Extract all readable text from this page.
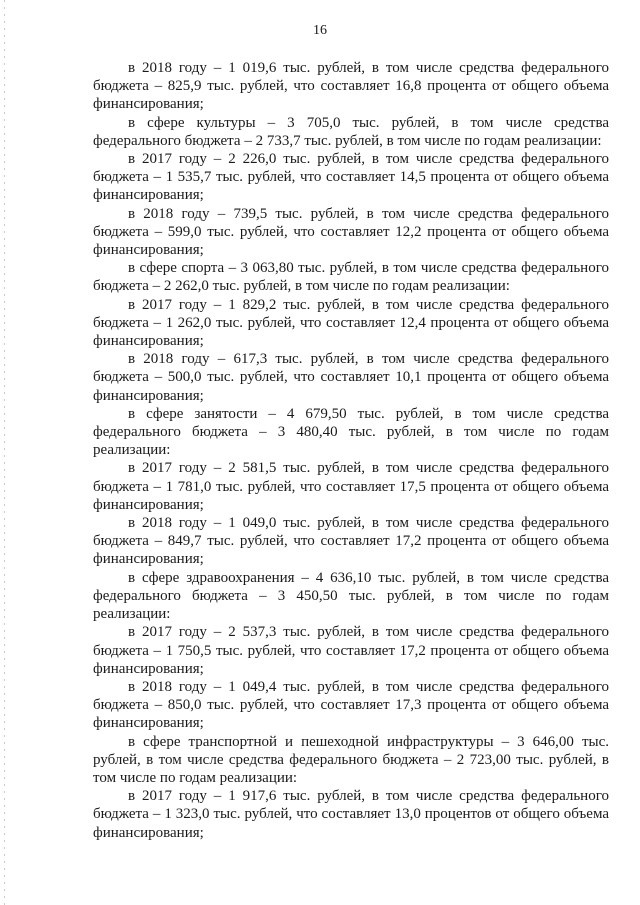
16

в 2018 году – 1 019,6 тыс. рублей, в том числе средства федерального бюджета – 825,9 тыс. рублей, что составляет 16,8 процента от общего объема финансирования;

в сфере культуры – 3 705,0 тыс. рублей, в том числе средства федерального бюджета – 2 733,7 тыс. рублей, в том числе по годам реализации:

в 2017 году – 2 226,0 тыс. рублей, в том числе средства федерального бюджета – 1 535,7 тыс. рублей, что составляет 14,5 процента от общего объема финансирования;

в 2018 году – 739,5 тыс. рублей, в том числе средства федерального бюджета – 599,0 тыс. рублей, что составляет 12,2 процента от общего объема финансирования;

в сфере спорта – 3 063,80 тыс. рублей, в том числе средства федерального бюджета – 2 262,0 тыс. рублей, в том числе по годам реализации:

в 2017 году – 1 829,2 тыс. рублей, в том числе средства федерального бюджета – 1 262,0 тыс. рублей, что составляет 12,4 процента от общего объема финансирования;

в 2018 году – 617,3 тыс. рублей, в том числе средства федерального бюджета – 500,0 тыс. рублей, что составляет 10,1 процента от общего объема финансирования;

в сфере занятости – 4 679,50 тыс. рублей, в том числе средства федерального бюджета – 3 480,40 тыс. рублей, в том числе по годам реализации:

в 2017 году – 2 581,5 тыс. рублей, в том числе средства федерального бюджета – 1 781,0 тыс. рублей, что составляет 17,5 процента от общего объема финансирования;

в 2018 году – 1 049,0 тыс. рублей, в том числе средства федерального бюджета – 849,7 тыс. рублей, что составляет 17,2 процента от общего объема финансирования;

в сфере здравоохранения – 4 636,10 тыс. рублей, в том числе средства федерального бюджета – 3 450,50 тыс. рублей, в том числе по годам реализации:

в 2017 году – 2 537,3 тыс. рублей, в том числе средства федерального бюджета – 1 750,5 тыс. рублей, что составляет 17,2 процента от общего объема финансирования;

в 2018 году – 1 049,4 тыс. рублей, в том числе средства федерального бюджета – 850,0 тыс. рублей, что составляет 17,3 процента от общего объема финансирования;

в сфере транспортной и пешеходной инфраструктуры – 3 646,00 тыс. рублей, в том числе средства федерального бюджета – 2 723,00 тыс. рублей, в том числе по годам реализации:

в 2017 году – 1 917,6 тыс. рублей, в том числе средства федерального бюджета – 1 323,0 тыс. рублей, что составляет 13,0 процентов от общего объема финансирования;
